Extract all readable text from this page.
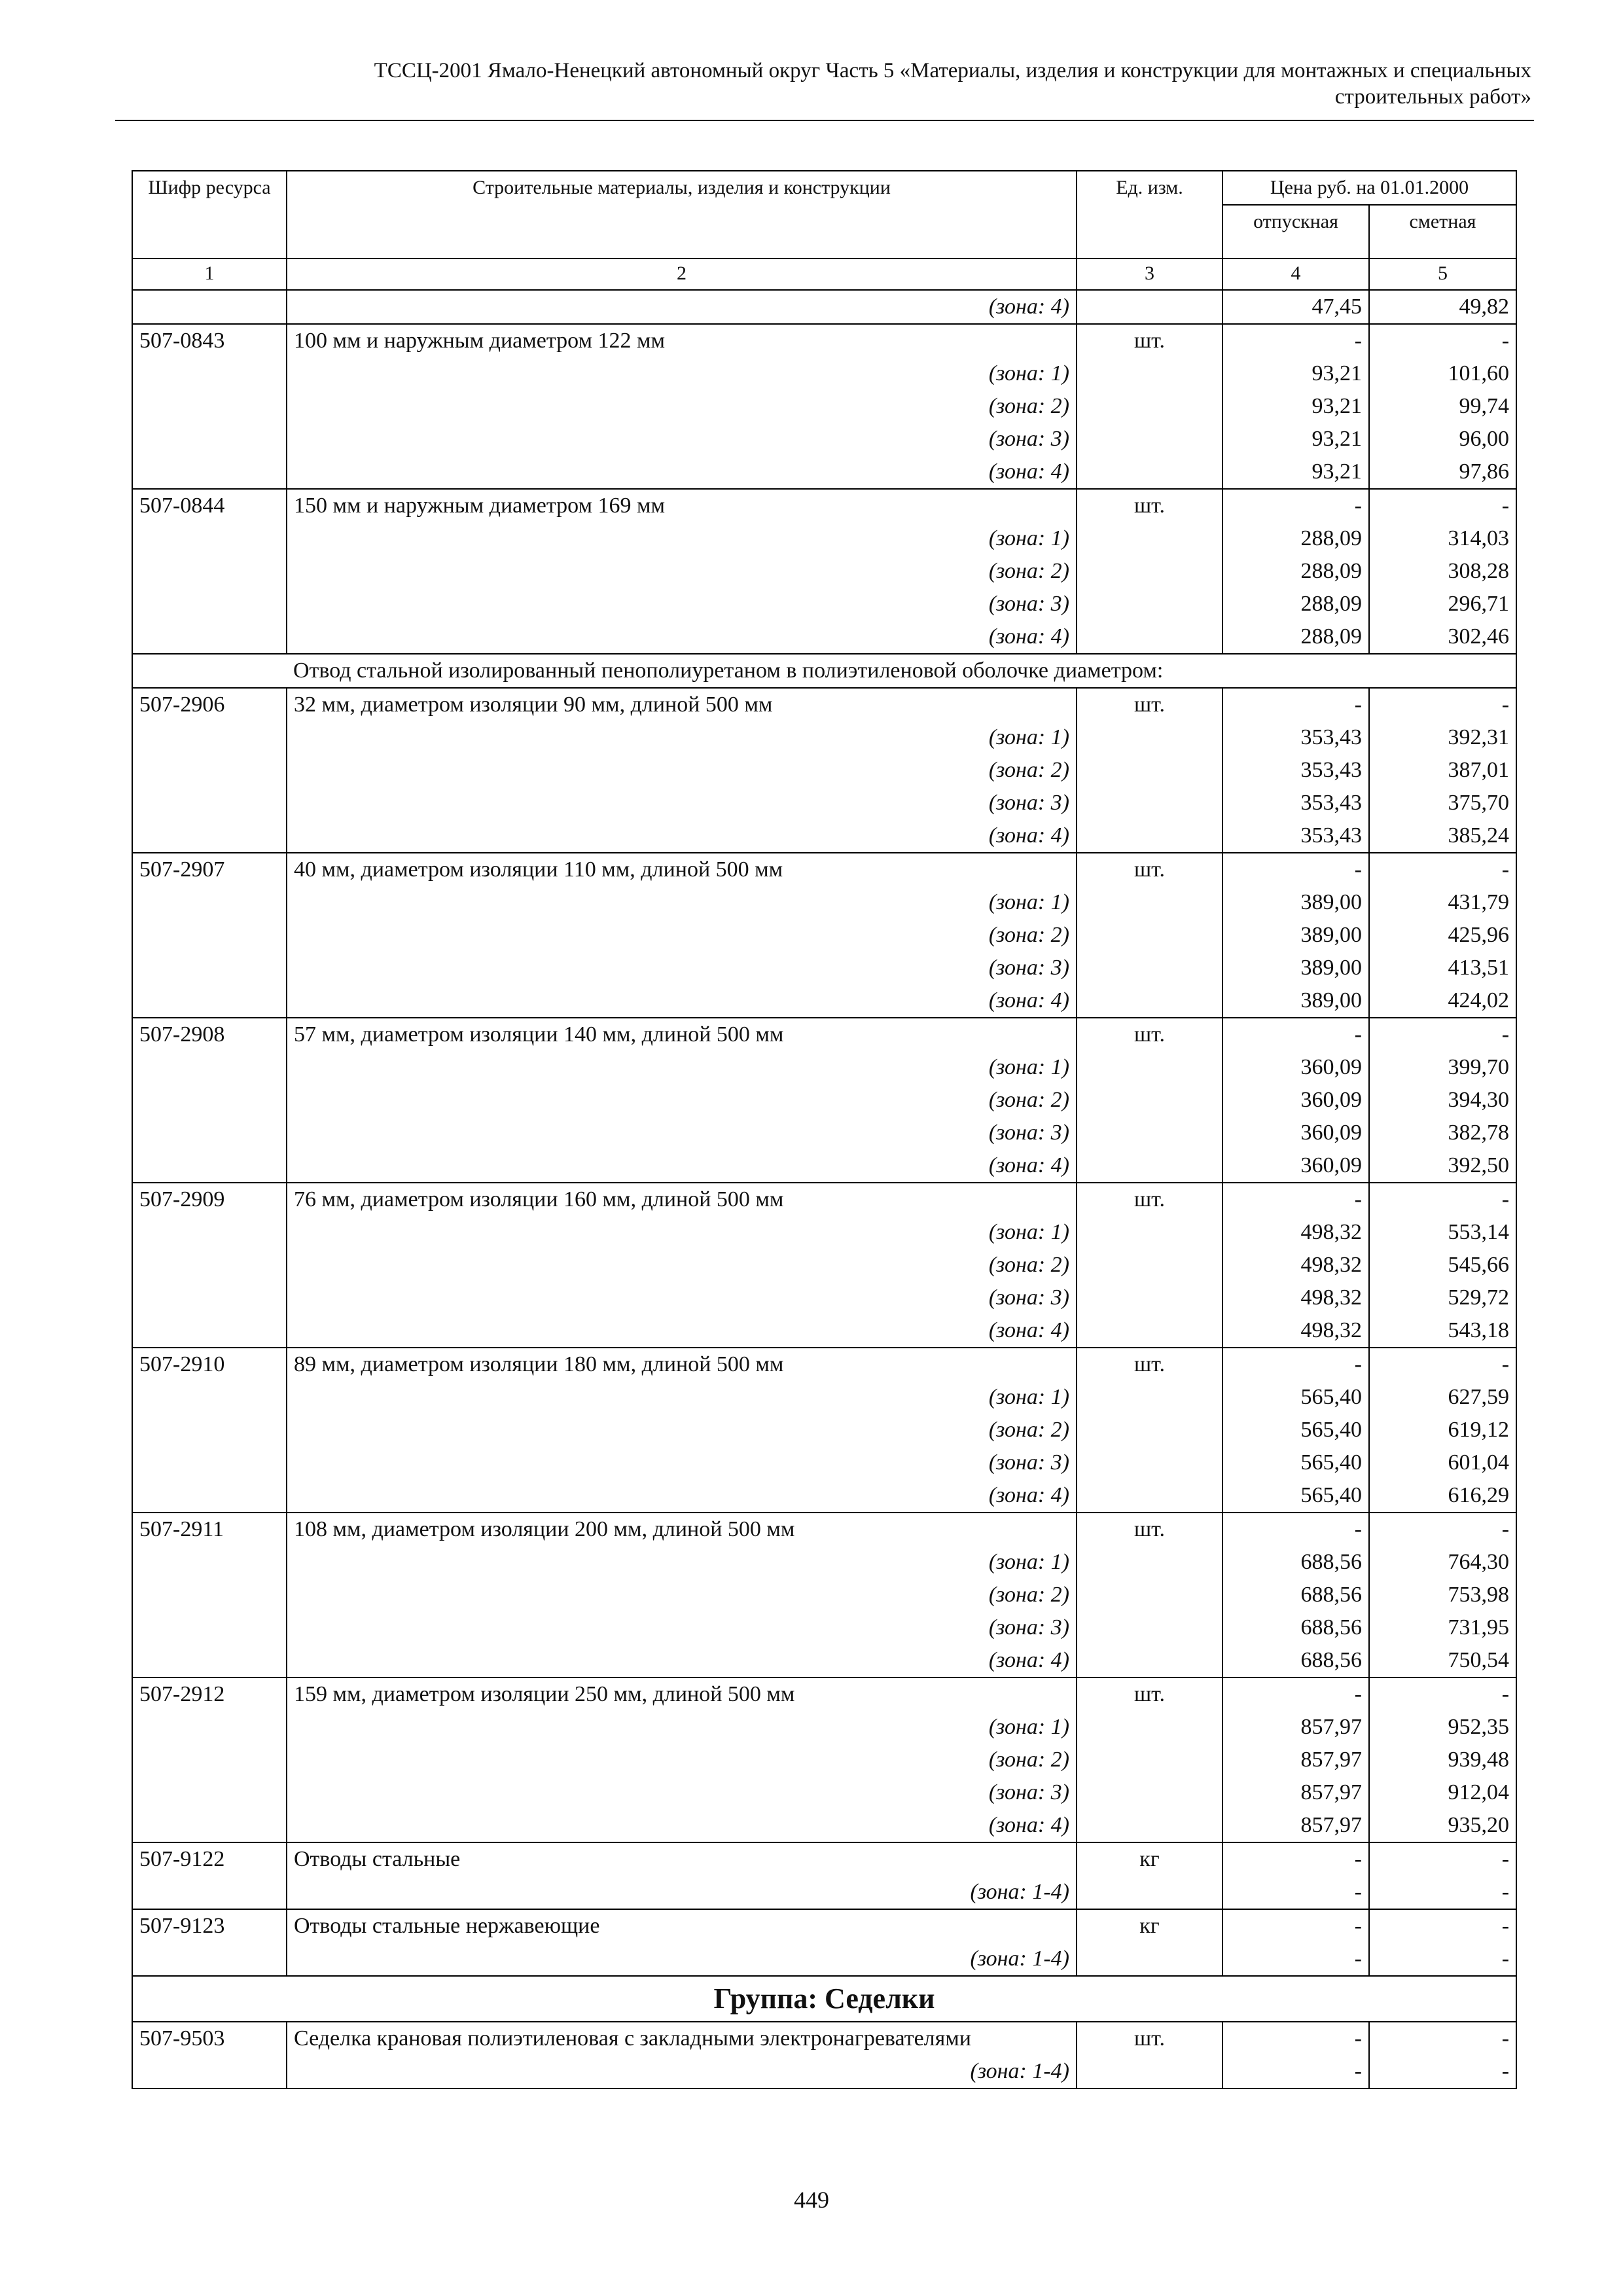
ТССЦ-2001 Ямало-Ненецкий автономный округ Часть 5 «Материалы, изделия и конструкции для монтажных и специальных
строительных работ»
Шифр ресурса	Строительные материалы, изделия и конструкции	Ед. изм.	Цена руб. на 01.01.2000	
			отпускная	сметная
1	2	3	4	5
	(зона: 4)		47,45	49,82
507-0843	100 мм и наружным диаметром 122 мм	шт.	-	-
	(зона: 1)		93,21	101,60
	(зона: 2)		93,21	99,74
	(зона: 3)		93,21	96,00
	(зона: 4)		93,21	97,86
507-0844	150 мм и наружным диаметром 169 мм	шт.	-	-
	(зона: 1)		288,09	314,03
	(зона: 2)		288,09	308,28
	(зона: 3)		288,09	296,71
	(зона: 4)		288,09	302,46
	Отвод стальной изолированный пенополиуретаном в полиэтиленовой оболочке диаметром:			
507-2906	32 мм, диаметром изоляции 90 мм, длиной 500 мм	шт.	-	-
	(зона: 1)		353,43	392,31
	(зона: 2)		353,43	387,01
	(зона: 3)		353,43	375,70
	(зона: 4)		353,43	385,24
507-2907	40 мм, диаметром изоляции 110 мм, длиной 500 мм	шт.	-	-
	(зона: 1)		389,00	431,79
	(зона: 2)		389,00	425,96
	(зона: 3)		389,00	413,51
	(зона: 4)		389,00	424,02
507-2908	57 мм, диаметром изоляции 140 мм, длиной 500 мм	шт.	-	-
	(зона: 1)		360,09	399,70
	(зона: 2)		360,09	394,30
	(зона: 3)		360,09	382,78
	(зона: 4)		360,09	392,50
507-2909	76 мм, диаметром изоляции 160 мм, длиной 500 мм	шт.	-	-
	(зона: 1)		498,32	553,14
	(зона: 2)		498,32	545,66
	(зона: 3)		498,32	529,72
	(зона: 4)		498,32	543,18
507-2910	89 мм, диаметром изоляции 180 мм, длиной 500 мм	шт.	-	-
	(зона: 1)		565,40	627,59
	(зона: 2)		565,40	619,12
	(зона: 3)		565,40	601,04
	(зона: 4)		565,40	616,29
507-2911	108 мм, диаметром изоляции 200 мм, длиной 500 мм	шт.	-	-
	(зона: 1)		688,56	764,30
	(зона: 2)		688,56	753,98
	(зона: 3)		688,56	731,95
	(зона: 4)		688,56	750,54
507-2912	159 мм, диаметром изоляции 250 мм, длиной 500 мм	шт.	-	-
	(зона: 1)		857,97	952,35
	(зона: 2)		857,97	939,48
	(зона: 3)		857,97	912,04
	(зона: 4)		857,97	935,20
507-9122	Отводы стальные	кг	-	-
	(зона: 1-4)		-	-
507-9123	Отводы стальные нержавеющие	кг	-	-
	(зона: 1-4)		-	-
Группа: Седелки				
507-9503	Седелка крановая полиэтиленовая с закладными электронагревателями	шт.	-	-
	(зона: 1-4)		-	-
449
